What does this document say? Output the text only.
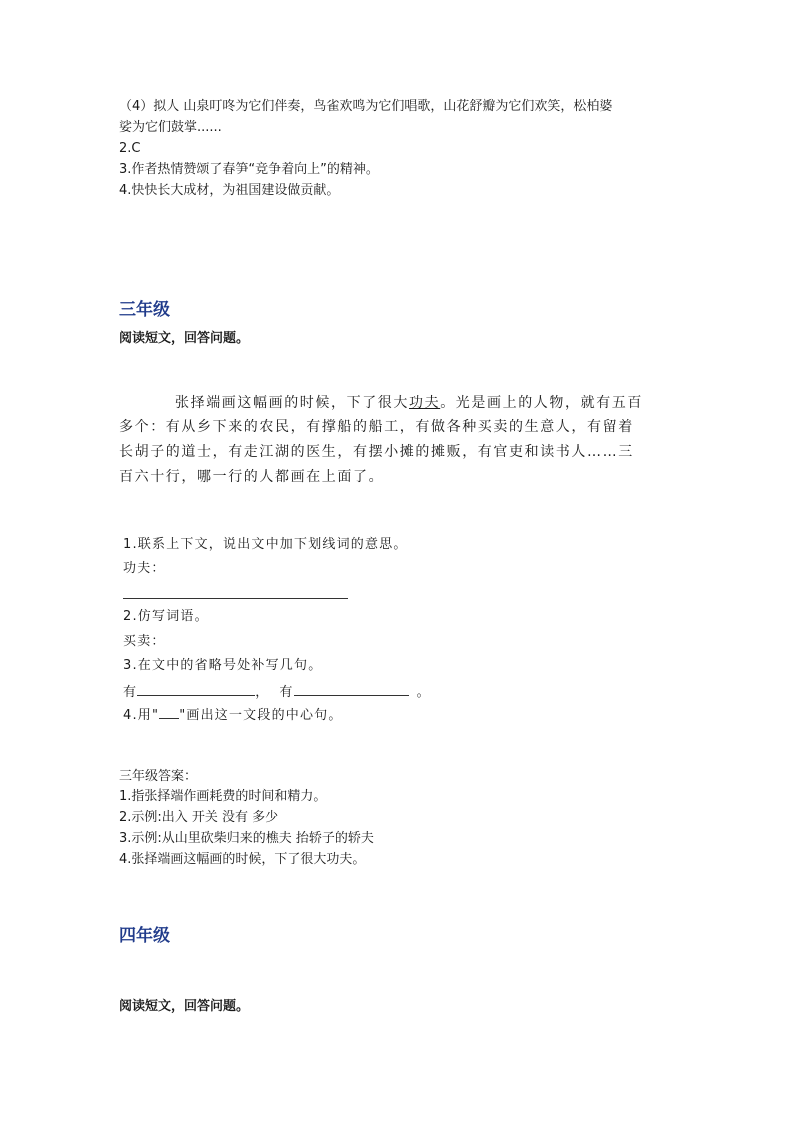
（4）拟人 山泉叮咚为它们伴奏，鸟雀欢鸣为它们唱歌，山花舒瓣为它们欢笑，松柏婆
娑为它们鼓掌......
2.C
3.作者热情赞颂了春笋“竞争着向上”的精神。
4.快快长大成材，为祖国建设做贡献。
三年级
阅读短文，回答问题。
张择端画这幅画的时候，下了很大功夫。光是画上的人物，就有五百
多个：有从乡下来的农民，有撑船的船工，有做各种买卖的生意人，有留着
长胡子的道士，有走江湖的医生，有摆小摊的摊贩，有官吏和读书人……三
百六十行，哪一行的人都画在上面了。
1.联系上下文，说出文中加下划线词的意思。
功夫：
2.仿写词语。
买卖：
3.在文中的省略号处补写几句。
有	， 有	。
4.用" "画出这一文段的中心句。
三年级答案：
1.指张择端作画耗费的时间和精力。
2.示例:出入 开关 没有 多少
3.示例:从山里砍柴归来的樵夫 抬轿子的轿夫
4.张择端画这幅画的时候，下了很大功夫。
四年级
阅读短文，回答问题。
